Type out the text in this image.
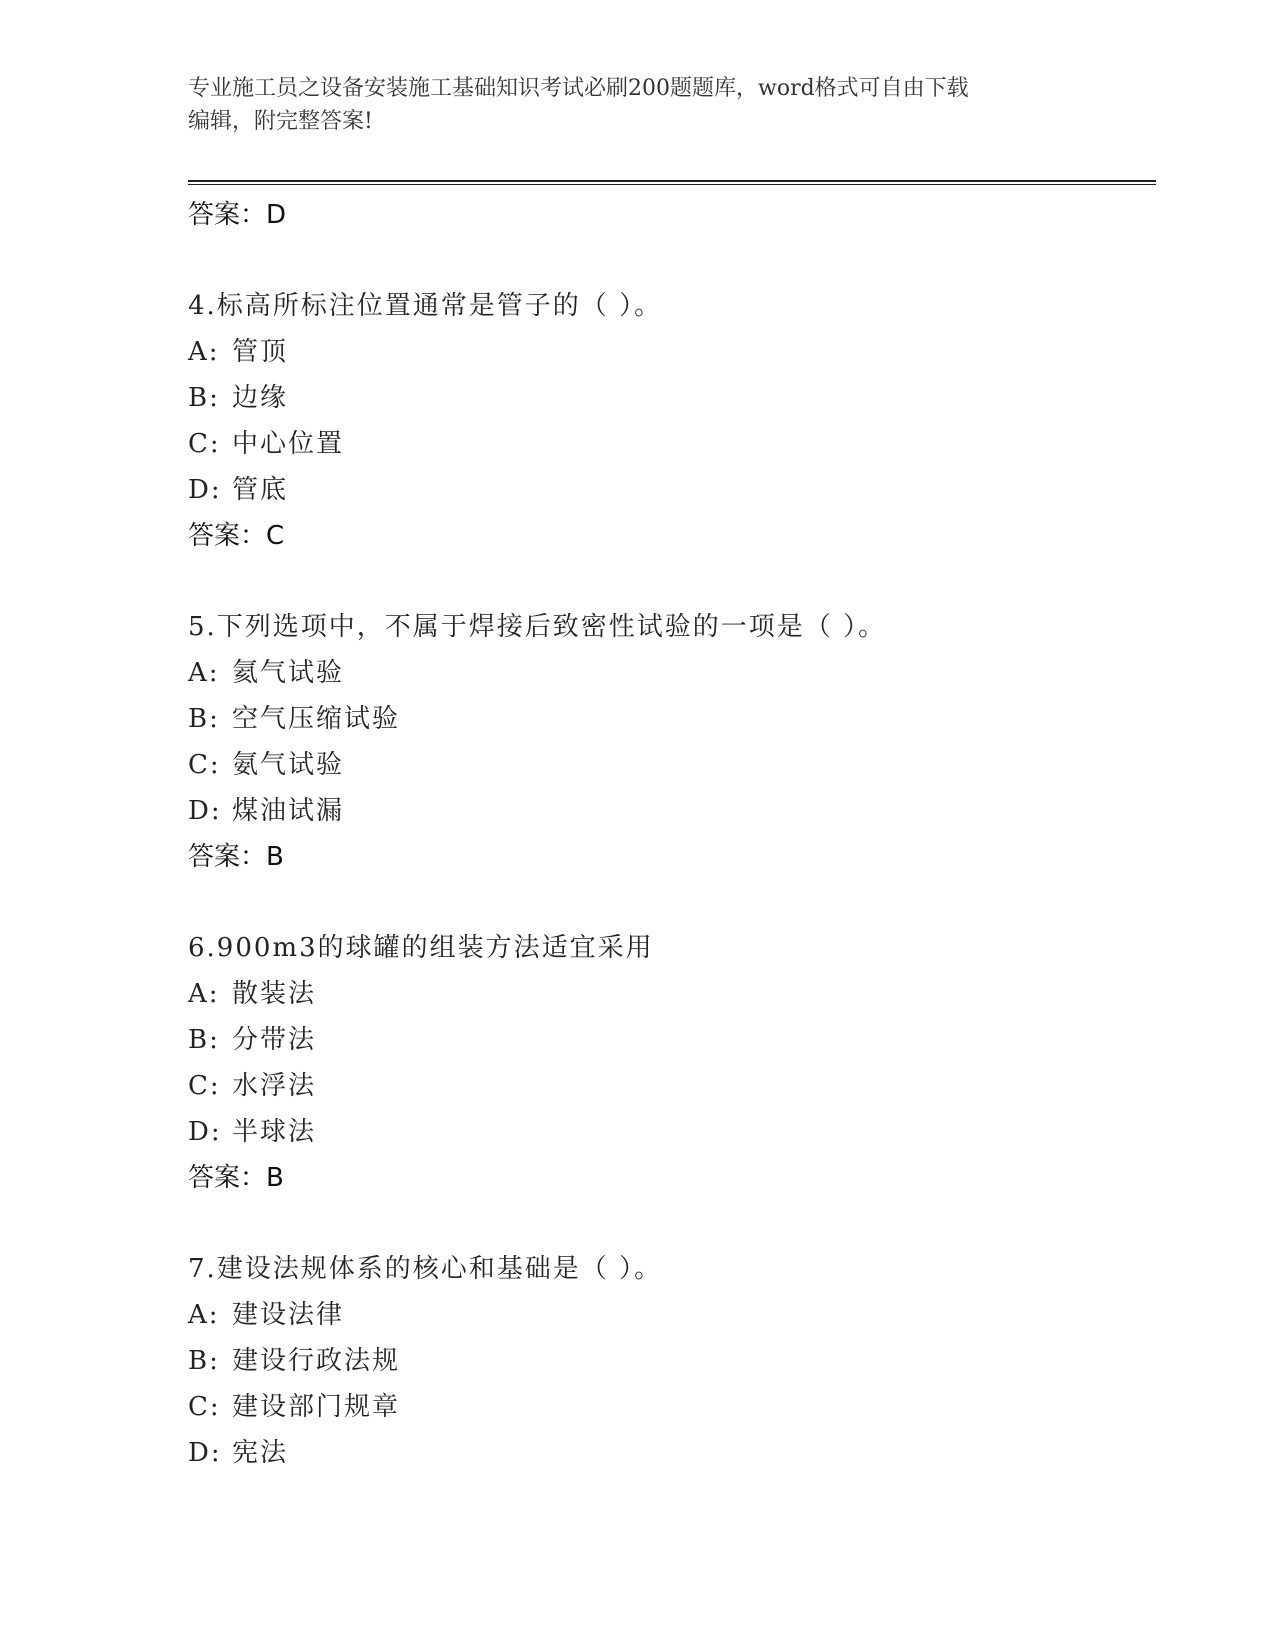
专业施工员之设备安装施工基础知识考试必刷200题题库，word格式可自由下载
编辑，附完整答案!
答案：D
4.标高所标注位置通常是管子的（ ）。
A: 管顶
B: 边缘
C: 中心位置
D: 管底
答案：C
5.下列选项中，不属于焊接后致密性试验的一项是（ ）。
A: 氦气试验
B: 空气压缩试验
C: 氨气试验
D: 煤油试漏
答案：B
6.900m3的球罐的组装方法适宜采用
A: 散装法
B: 分带法
C: 水浮法
D: 半球法
答案：B
7.建设法规体系的核心和基础是（ ）。
A: 建设法律
B: 建设行政法规
C: 建设部门规章
D: 宪法
